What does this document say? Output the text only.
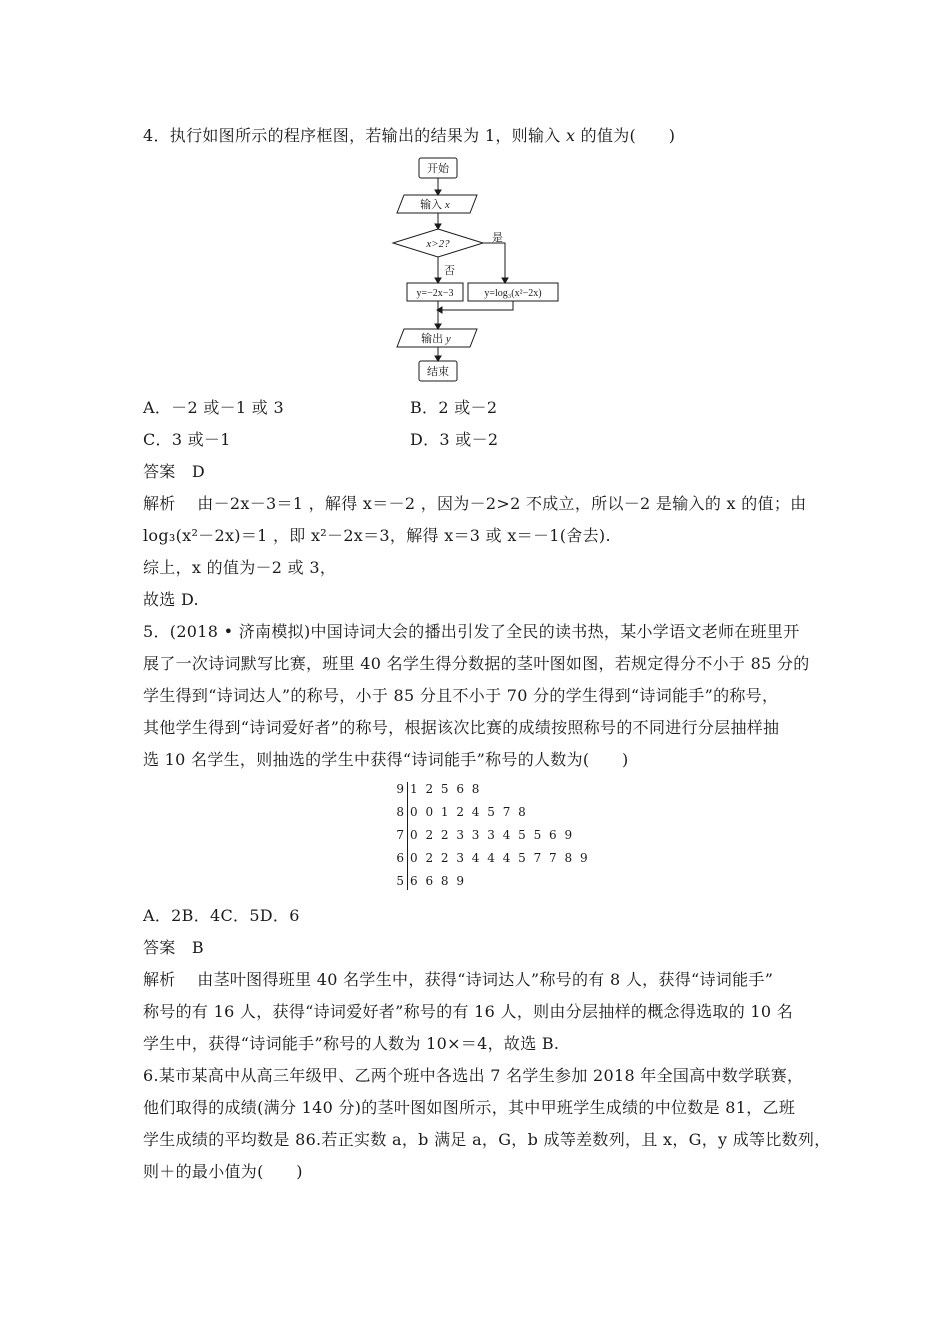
4．执行如图所示的程序框图，若输出的结果为 1，则输入 x 的值为(　　)
开始
输入 x
x>2?	是
否
y=−2x−3	y=log₃(x²−2x)
输出 y
结束
A．－2 或－1 或 3	B．2 或－2
C．3 或－1	D．3 或－2
答案　D
解析　 由－2x－3＝1 ，解得 x＝－2 ，因为－2>2 不成立，所以－2 是输入的 x 的值；由
log₃(x²－2x)＝1 ，即 x²－2x＝3，解得 x＝3 或 x＝－1(舍去).
综上，x 的值为－2 或 3，
故选 D.
5．(2018 • 济南模拟)中国诗词大会的播出引发了全民的读书热，某小学语文老师在班里开
展了一次诗词默写比赛，班里 40 名学生得分数据的茎叶图如图，若规定得分不小于 85 分的
学生得到“诗词达人”的称号，小于 85 分且不小于 70 分的学生得到“诗词能手”的称号，
其他学生得到“诗词爱好者”的称号，根据该次比赛的成绩按照称号的不同进行分层抽样抽
选 10 名学生，则抽选的学生中获得“诗词能手”称号的人数为(　　)
9 1 2 5 6 8
8 0 0 1 2 4 5 7 8
7 0 2 2 3 3 3 4 5 5 6 9
6 0 2 2 3 4 4 4 5 7 7 8 9
5 6 6 8 9
A．2B．4C．5D．6
答案　B
解析　 由茎叶图得班里 40 名学生中，获得“诗词达人”称号的有 8 人，获得“诗词能手”
称号的有 16 人，获得“诗词爱好者”称号的有 16 人，则由分层抽样的概念得选取的 10 名
学生中，获得“诗词能手”称号的人数为 10×＝4，故选 B.
6.某市某高中从高三年级甲、乙两个班中各选出 7 名学生参加 2018 年全国高中数学联赛，
他们取得的成绩(满分 140 分)的茎叶图如图所示，其中甲班学生成绩的中位数是 81，乙班
学生成绩的平均数是 86.若正实数 a，b 满足 a，G，b 成等差数列，且 x，G，y 成等比数列，
则＋的最小值为(　　)
